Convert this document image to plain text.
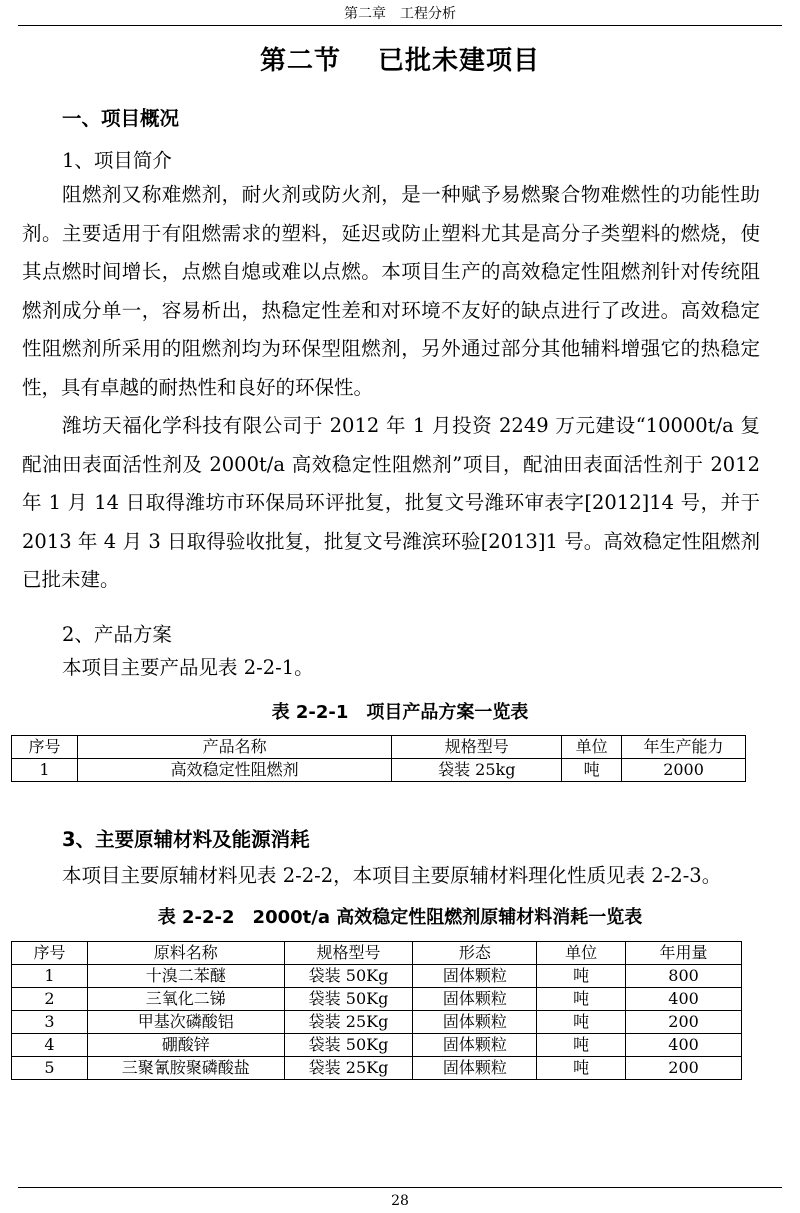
第二章　工程分析
第二节　 已批未建项目
一、项目概况
1、项目简介
阻燃剂又称难燃剂，耐火剂或防火剂，是一种赋予易燃聚合物难燃性的功能性助剂。主要适用于有阻燃需求的塑料，延迟或防止塑料尤其是高分子类塑料的燃烧，使其点燃时间增长，点燃自熄或难以点燃。本项目生产的高效稳定性阻燃剂针对传统阻燃剂成分单一，容易析出，热稳定性差和对环境不友好的缺点进行了改进。高效稳定性阻燃剂所采用的阻燃剂均为环保型阻燃剂，另外通过部分其他辅料增强它的热稳定性，具有卓越的耐热性和良好的环保性。
潍坊天福化学科技有限公司于 2012 年 1 月投资 2249 万元建设“10000t/a 复配油田表面活性剂及 2000t/a 高效稳定性阻燃剂”项目，配油田表面活性剂于 2012 年 1 月 14 日取得潍坊市环保局环评批复，批复文号潍环审表字[2012]14 号，并于 2013 年 4 月 3 日取得验收批复，批复文号潍滨环验[2013]1 号。高效稳定性阻燃剂已批未建。
2、产品方案
本项目主要产品见表 2-2-1。
表 2-2-1　项目产品方案一览表
序号	产品名称	规格型号	单位	年生产能力
1	高效稳定性阻燃剂	袋装 25kg	吨	2000
3、主要原辅材料及能源消耗
本项目主要原辅材料见表 2-2-2，本项目主要原辅材料理化性质见表 2-2-3。
表 2-2-2　2000t/a 高效稳定性阻燃剂原辅材料消耗一览表
序号	原料名称	规格型号	形态	单位	年用量
1	十溴二苯醚	袋装 50Kg	固体颗粒	吨	800
2	三氧化二锑	袋装 50Kg	固体颗粒	吨	400
3	甲基次磷酸铝	袋装 25Kg	固体颗粒	吨	200
4	硼酸锌	袋装 50Kg	固体颗粒	吨	400
5	三聚氰胺聚磷酸盐	袋装 25Kg	固体颗粒	吨	200
28
